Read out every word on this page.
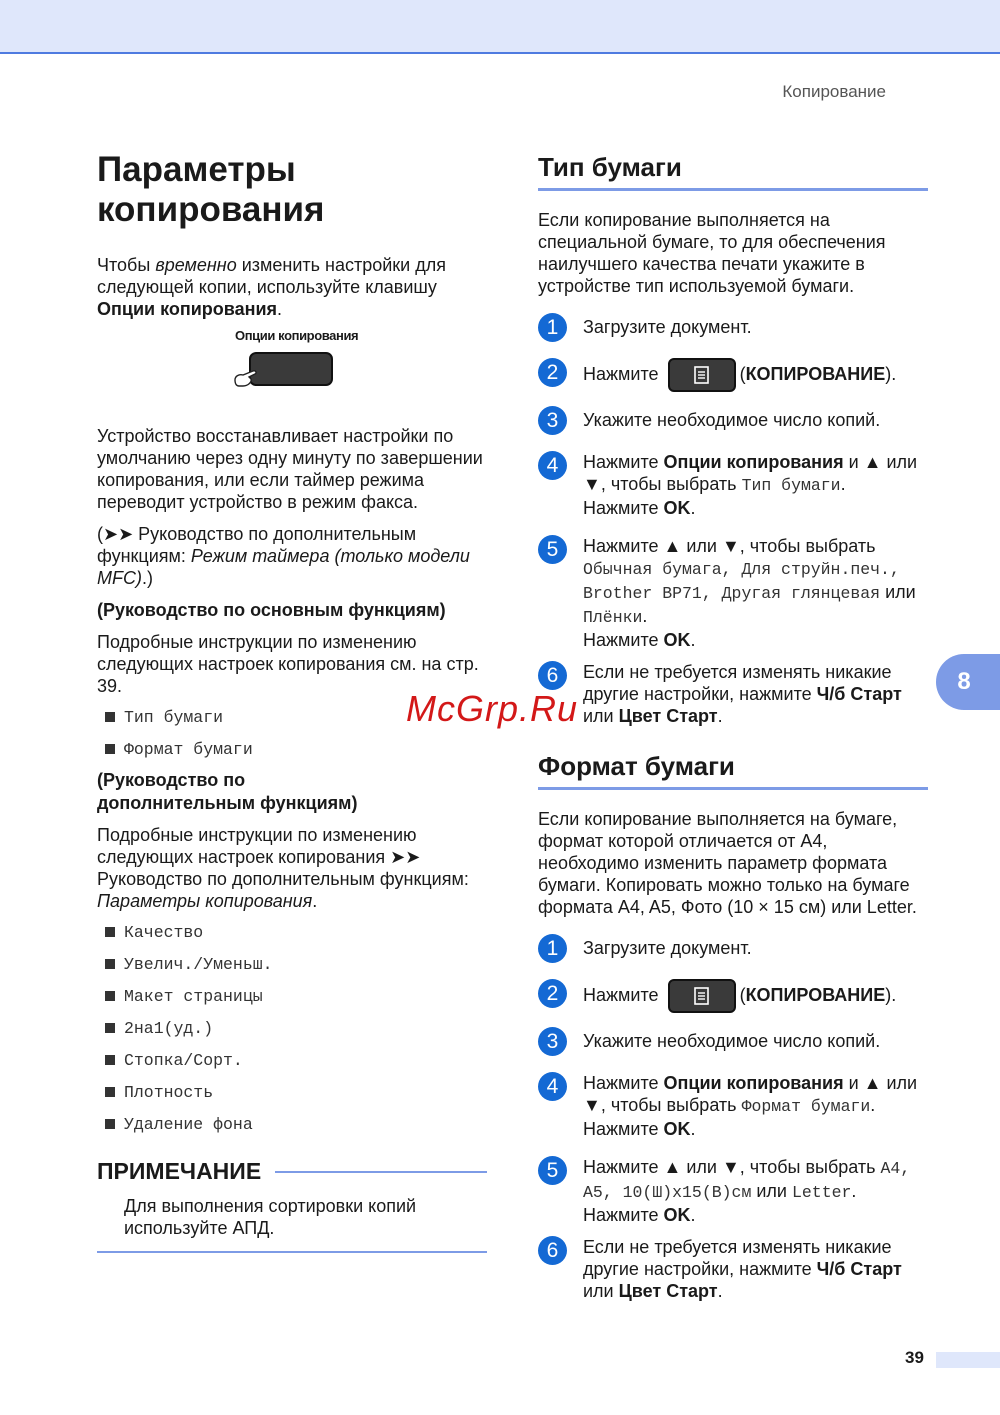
Копирование
Параметры
копирования

Чтобы временно изменить настройки для следующей копии, используйте клавишу Опции копирования.

Опции копирования

Устройство восстанавливает настройки по умолчанию через одну минуту по завершении копирования, или если таймер режима переводит устройство в режим факса.

(➤➤ Руководство по дополнительным функциям: Режим таймера (только модели MFC).)

(Руководство по основным функциям)

Подробные инструкции по изменению следующих настроек копирования см. на стр. 39.

Тип бумаги
Формат бумаги

(Руководство по
дополнительным функциям)

Подробные инструкции по изменению следующих настроек копирования ➤➤ Руководство по дополнительным функциям: Параметры копирования.

Качество
Увелич./Уменьш.
Макет страницы
2на1(уд.)
Стопка/Сорт.
Плотность
Удаление фона
ПРИМЕЧАНИЕ

Для выполнения сортировки копий используйте АПД.

Тип бумаги

Если копирование выполняется на специальной бумаге, то для обеспечения наилучшего качества печати укажите в устройстве тип используемой бумаги.

1	Загрузите документ.
2	Нажмите	(КОПИРОВАНИЕ).
3	Укажите необходимое число копий.
4	Нажмите Опции копирования и ▲ или ▼, чтобы выбрать Тип бумаги.
Нажмите OK.
5	Нажмите ▲ или ▼, чтобы выбрать Обычная бумага, Для струйн.печ., Brother BP71, Другая глянцевая или Плёнки.
Нажмите OK.
6	Если не требуется изменять никакие другие настройки, нажмите Ч/б Старт или Цвет Старт.
Формат бумаги

Если копирование выполняется на бумаге, формат которой отличается от A4, необходимо изменить параметр формата бумаги. Копировать можно только на бумаге формата A4, A5, Фото (10 × 15 см) или Letter.

1	Загрузите документ.
2	Нажмите	(КОПИРОВАНИЕ).
3	Укажите необходимое число копий.
4	Нажмите Опции копирования и ▲ или ▼, чтобы выбрать Формат бумаги.
Нажмите OK.
5	Нажмите ▲ или ▼, чтобы выбрать A4, A5, 10(Ш)x15(В)см или Letter.
Нажмите OK.
6	Если не требуется изменять никакие другие настройки, нажмите Ч/б Старт или Цвет Старт.
8
McGrp.Ru
39
